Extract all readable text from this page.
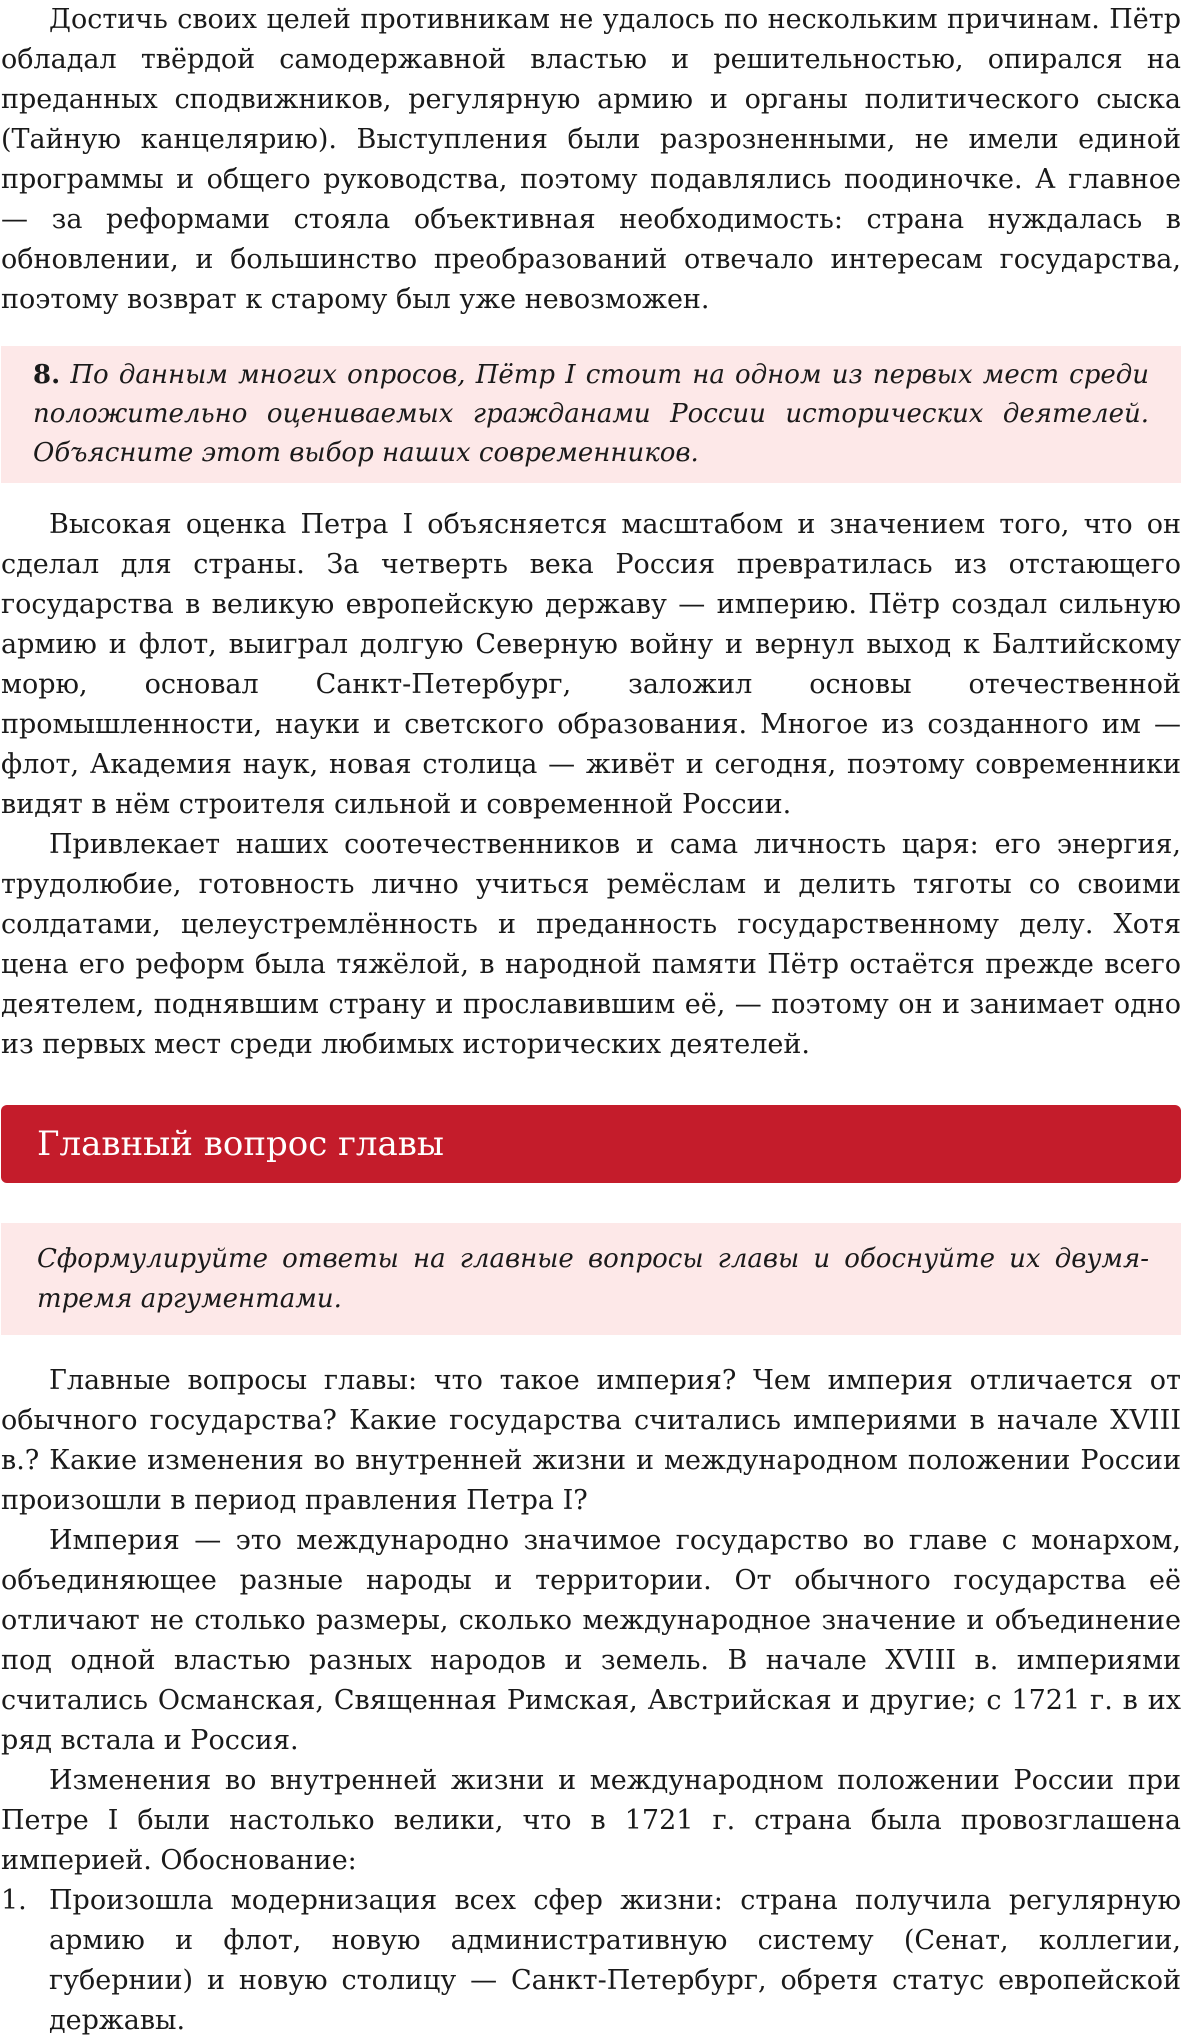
Достичь своих целей противникам не удалось по нескольким причинам. Пётр обладал твёрдой самодержавной властью и решительностью, опирался на преданных сподвижников, регулярную армию и органы политического сыска (Тайную канцелярию). Выступления были разрозненными, не имели единой программы и общего руководства, поэтому подавлялись поодиночке. А главное — за реформами стояла объективная необходимость: страна нуждалась в обновлении, и большинство преобразований отвечало интересам государства, поэтому возврат к старому был уже невозможен.

8. По данным многих опросов, Пётр I стоит на одном из первых мест среди положительно оцениваемых гражданами России исторических деятелей. Объясните этот выбор наших современников.

Высокая оценка Петра I объясняется масштабом и значением того, что он сделал для страны. За четверть века Россия превратилась из отстающего государства в великую европейскую державу — империю. Пётр создал сильную армию и флот, выиграл долгую Северную войну и вернул выход к Балтийскому морю, основал Санкт-Петербург, заложил основы отечественной промышленности, науки и светского образования. Многое из созданного им — флот, Академия наук, новая столица — живёт и сегодня, поэтому современники видят в нём строителя сильной и современной России.

Привлекает наших соотечественников и сама личность царя: его энергия, трудолюбие, готовность лично учиться ремёслам и делить тяготы со своими солдатами, целеустремлённость и преданность государственному делу. Хотя цена его реформ была тяжёлой, в народной памяти Пётр остаётся прежде всего деятелем, поднявшим страну и прославившим её, — поэтому он и занимает одно из первых мест среди любимых исторических деятелей.

Главный вопрос главы
Сформулируйте ответы на главные вопросы главы и обоснуйте их двумя-тремя аргументами.

Главные вопросы главы: что такое империя? Чем империя отличается от обычного государства? Какие государства считались империями в начале XVIII в.? Какие изменения во внутренней жизни и международном положении России произошли в период правления Петра I?

Империя — это международно значимое государство во главе с монархом, объединяющее разные народы и территории. От обычного государства её отличают не столько размеры, сколько международное значение и объединение под одной властью разных народов и земель. В начале XVIII в. империями считались Османская, Священная Римская, Австрийская и другие; с 1721 г. в их ряд встала и Россия.

Изменения во внутренней жизни и международном положении России при Петре I были настолько велики, что в 1721 г. страна была провозглашена империей. Обоснование:

1. Произошла модернизация всех сфер жизни: страна получила регулярную армию и флот, новую административную систему (Сенат, коллегии, губернии) и новую столицу — Санкт-Петербург, обретя статус европейской державы.
